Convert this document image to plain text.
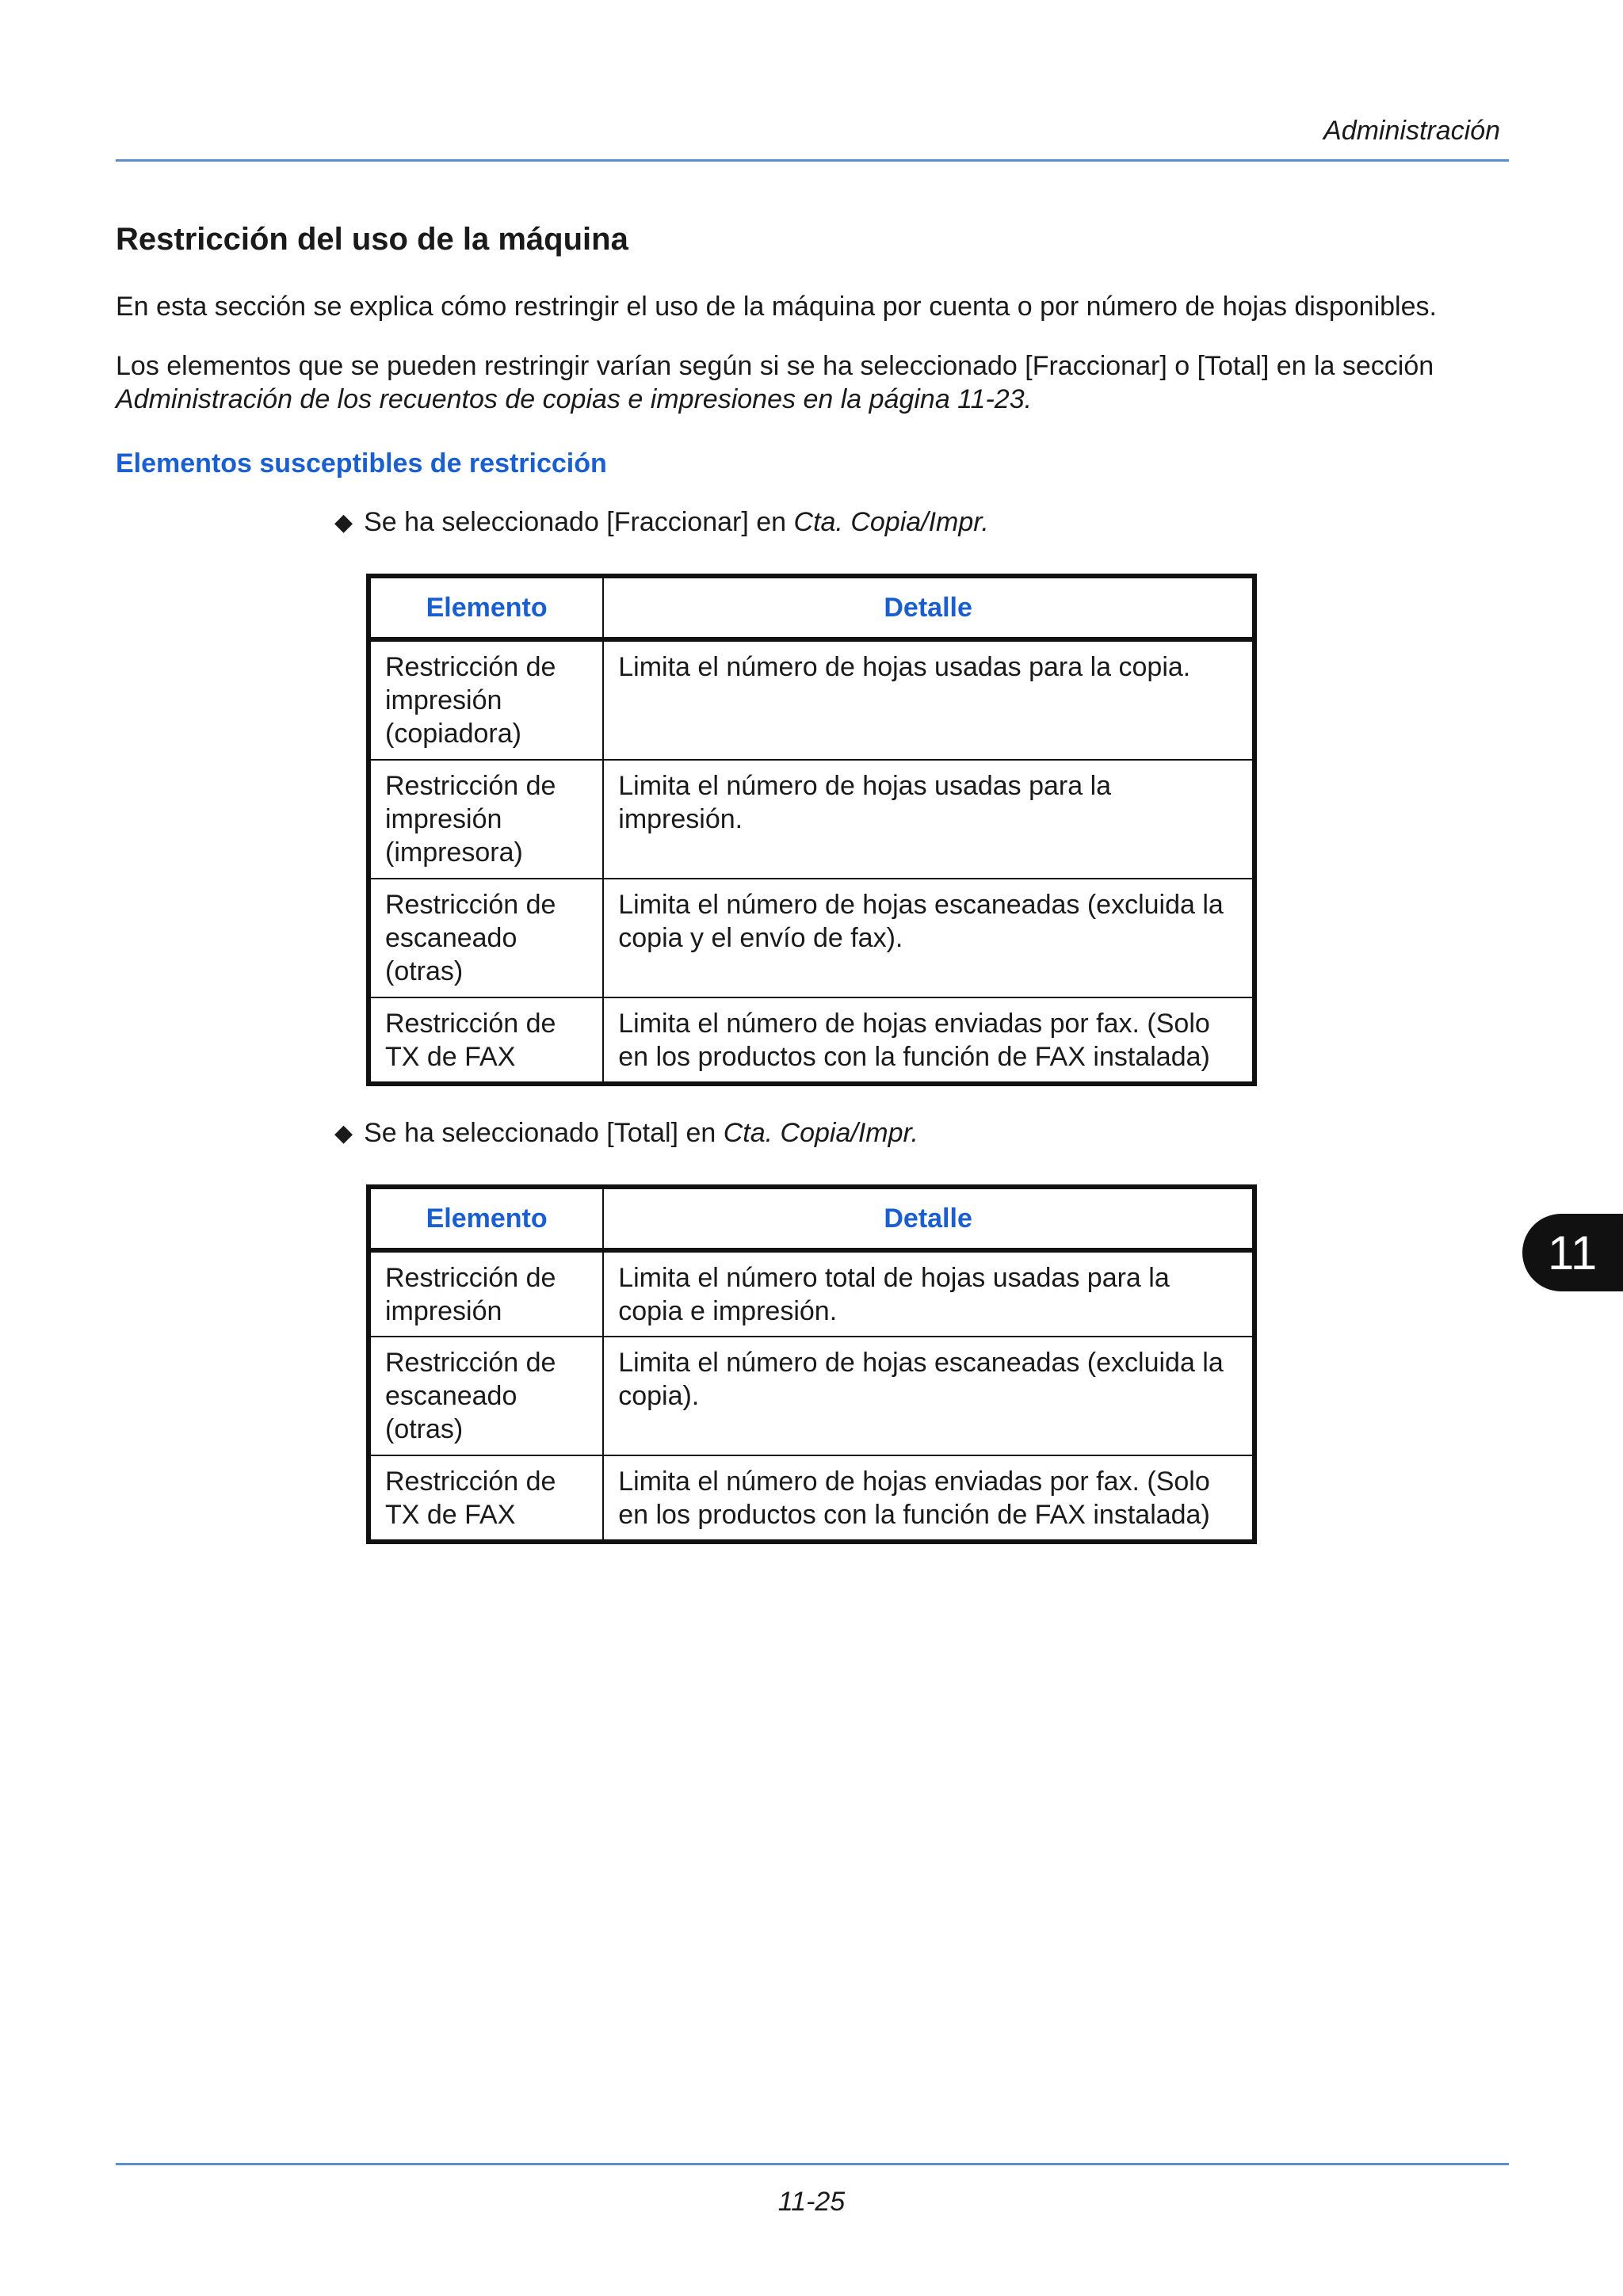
Administración
11
Restricción del uso de la máquina
En esta sección se explica cómo restringir el uso de la máquina por cuenta o por número de hojas disponibles.
Los elementos que se pueden restringir varían según si se ha seleccionado [Fraccionar] o [Total] en la sección
Administración de los recuentos de copias e impresiones en la página 11-23.
Elementos susceptibles de restricción
◆ Se ha seleccionado [Fraccionar] en Cta. Copia/Impr.
Elemento	Detalle
Restricción de impresión (copiadora)	Limita el número de hojas usadas para la copia.
Restricción de impresión (impresora)	Limita el número de hojas usadas para la impresión.
Restricción de escaneado (otras)	Limita el número de hojas escaneadas (excluida la copia y el envío de fax).
Restricción de TX de FAX	Limita el número de hojas enviadas por fax. (Solo en los productos con la función de FAX instalada)
◆ Se ha seleccionado [Total] en Cta. Copia/Impr.
Elemento	Detalle
Restricción de impresión	Limita el número total de hojas usadas para la copia e impresión.
Restricción de escaneado (otras)	Limita el número de hojas escaneadas (excluida la copia).
Restricción de TX de FAX	Limita el número de hojas enviadas por fax. (Solo en los productos con la función de FAX instalada)
11-25
